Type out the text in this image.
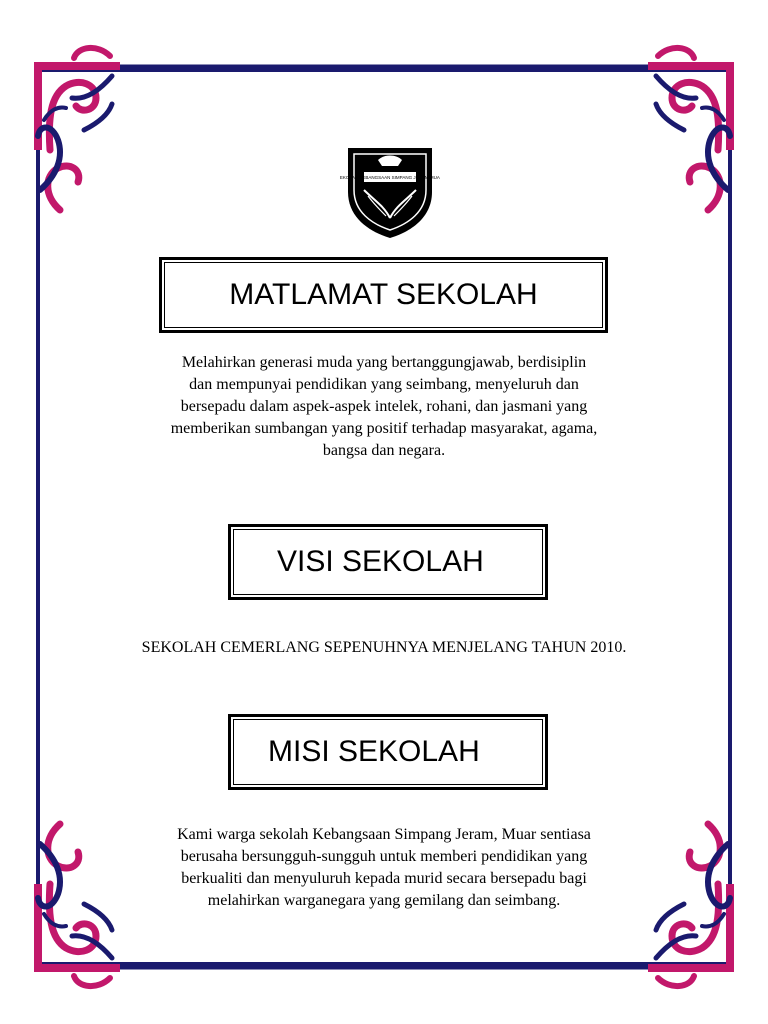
SEKOLAH KEBANGSAAN SIMPANG JERAM MUAR
MATLAMAT SEKOLAH
Melahirkan generasi muda yang bertanggungjawab, berdisiplin
dan mempunyai pendidikan yang seimbang, menyeluruh dan
bersepadu dalam aspek-aspek intelek, rohani, dan jasmani yang
memberikan sumbangan yang positif terhadap masyarakat, agama,
bangsa dan negara.
VISI SEKOLAH
SEKOLAH CEMERLANG SEPENUHNYA MENJELANG TAHUN 2010.
MISI SEKOLAH
Kami warga sekolah Kebangsaan Simpang Jeram, Muar sentiasa
berusaha bersungguh-sungguh untuk memberi pendidikan yang
berkualiti dan menyuluruh kepada murid secara bersepadu bagi
melahirkan warganegara yang gemilang dan seimbang.
